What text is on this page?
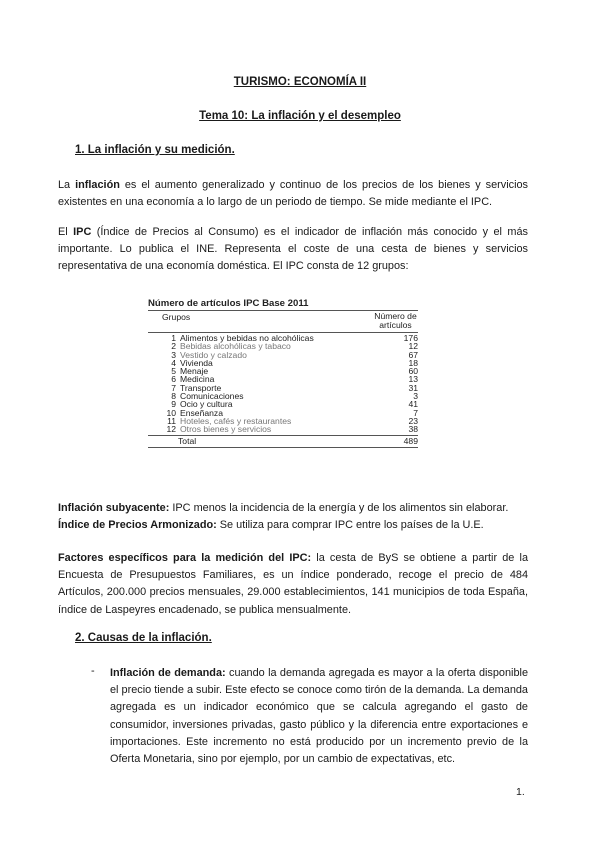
TURISMO: ECONOMÍA II
Tema 10: La inflación y el desempleo
1. La inflación y su medición.
La inflación es el aumento generalizado y continuo de los precios de los bienes y servicios existentes en una economía a lo largo de un periodo de tiempo. Se mide mediante el IPC.
El IPC (Índice de Precios al Consumo) es el indicador de inflación más conocido y el más importante. Lo publica el INE. Representa el coste de una cesta de bienes y servicios representativa de una economía doméstica. El IPC consta de 12 grupos:
Número de artículos IPC Base 2011
Grupos	Número de artículos
1 Alimentos y bebidas no alcohólicas	176
2 Bebidas alcohólicas y tabaco	12
3 Vestido y calzado	67
4 Vivienda	18
5 Menaje	60
6 Medicina	13
7 Transporte	31
8 Comunicaciones	3
9 Ocio y cultura	41
10 Enseñanza	7
11 Hoteles, cafés y restaurantes	23
12 Otros bienes y servicios	38
Total	489
Inflación subyacente: IPC menos la incidencia de la energía y de los alimentos sin elaborar.
Índice de Precios Armonizado: Se utiliza para comprar IPC entre los países de la U.E.
Factores específicos para la medición del IPC: la cesta de ByS se obtiene a partir de la Encuesta de Presupuestos Familiares, es un índice ponderado, recoge el precio de 484 Artículos, 200.000 precios mensuales, 29.000 establecimientos, 141 municipios de toda España, índice de Laspeyres encadenado, se publica mensualmente.
2. Causas de la inflación.
- Inflación de demanda: cuando la demanda agregada es mayor a la oferta disponible el precio tiende a subir. Este efecto se conoce como tirón de la demanda. La demanda agregada es un indicador económico que se calcula agregando el gasto de consumidor, inversiones privadas, gasto público y la diferencia entre exportaciones e importaciones. Este incremento no está producido por un incremento previo de la Oferta Monetaria, sino por ejemplo, por un cambio de expectativas, etc.
1.
